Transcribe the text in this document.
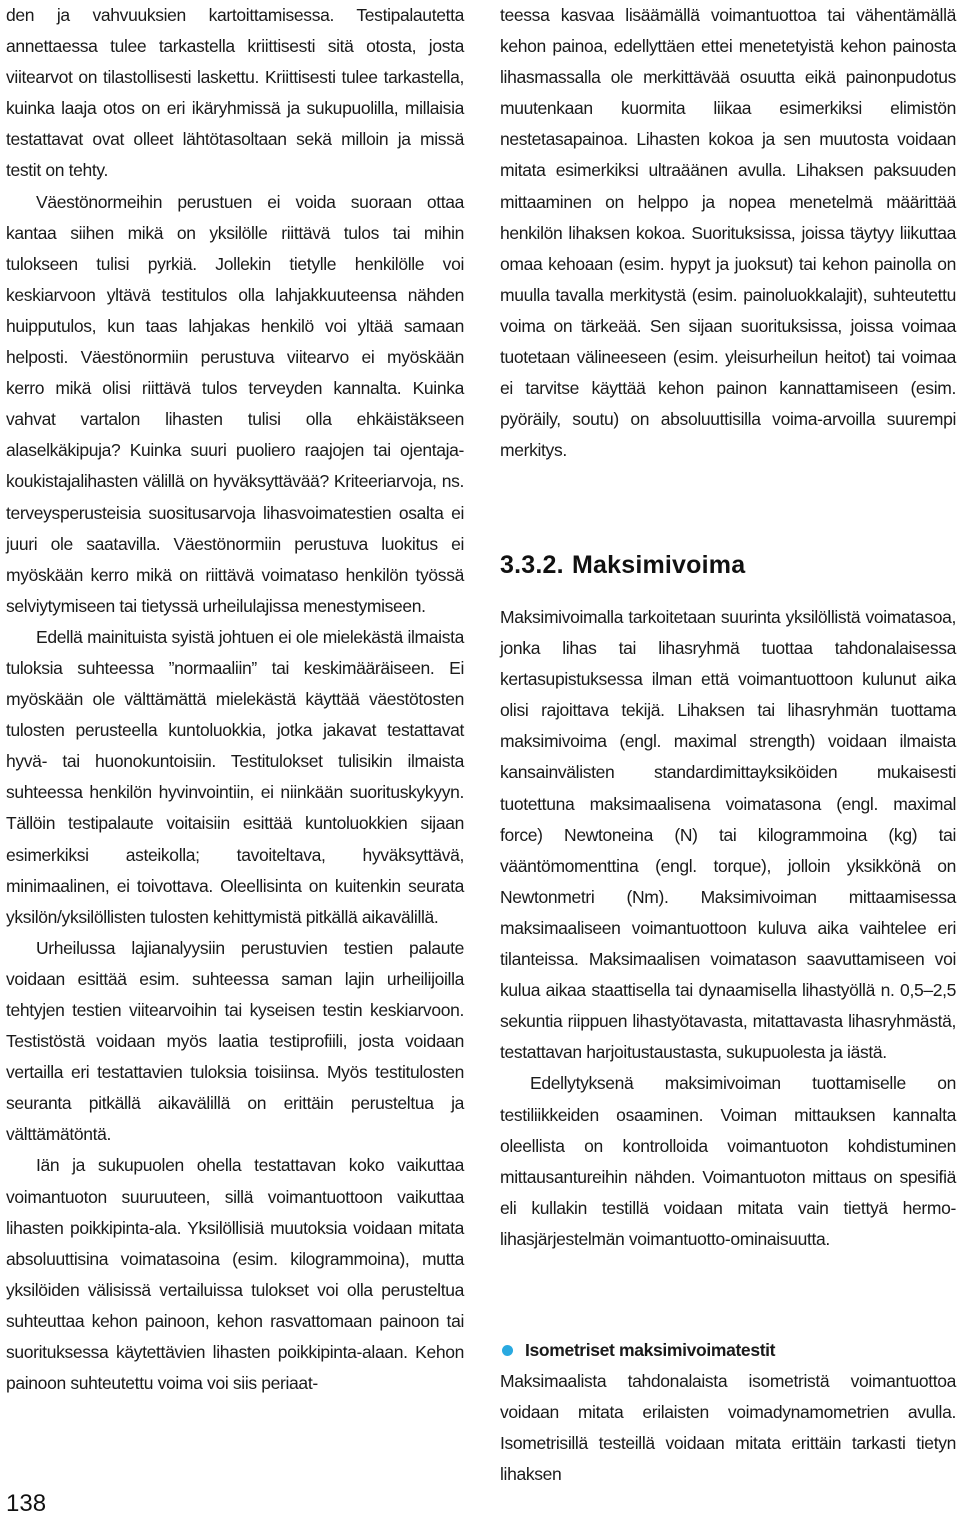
den ja vahvuuksien kartoittamisessa. Testipalautetta annettaessa tulee tarkastella kriittisesti sitä otosta, josta viitearvot on tilastollisesti laskettu. Kriittisesti tulee tarkastella, kuinka laaja otos on eri ikäryhmissä ja sukupuolilla, millaisia testattavat ovat olleet lähtötasoltaan sekä milloin ja missä testit on tehty.

Väestönormeihin perustuen ei voida suoraan ottaa kantaa siihen mikä on yksilölle riittävä tulos tai mihin tulokseen tulisi pyrkiä. Jollekin tietylle henkilölle voi keskiarvoon yltävä testitulos olla lahjakkuuteensa nähden huipputulos, kun taas lahjakas henkilö voi yltää samaan helposti. Väestönormiin perustuva viitearvo ei myöskään kerro mikä olisi riittävä tulos terveyden kannalta. Kuinka vahvat vartalon lihasten tulisi olla ehkäistäkseen alaselkäkipuja? Kuinka suuri puoliero raajojen tai ojentaja-koukistajalihasten välillä on hyväksyttävää? Kriteeriarvoja, ns. terveysperusteisia suositusarvoja lihasvoimatestien osalta ei juuri ole saatavilla. Väestönormiin perustuva luokitus ei myöskään kerro mikä on riittävä voimataso henkilön työssä selviytymiseen tai tietyssä urheilulajissa menestymiseen.

Edellä mainituista syistä johtuen ei ole mielekästä ilmaista tuloksia suhteessa ”normaaliin” tai keskimääräiseen. Ei myöskään ole välttämättä mielekästä käyttää väestötosten tulosten perusteella kuntoluokkia, jotka jakavat testattavat hyvä- tai huonokuntoisiin. Testitulokset tulisikin ilmaista suhteessa henkilön hyvinvointiin, ei niinkään suorituskykyyn. Tällöin testipalaute voitaisiin esittää kuntoluokkien sijaan esimerkiksi asteikolla; tavoiteltava, hyväksyttävä, minimaalinen, ei toivottava. Oleellisinta on kuitenkin seurata yksilön/yksilöllisten tulosten kehittymistä pitkällä aikavälillä.

Urheilussa lajianalyysiin perustuvien testien palaute voidaan esittää esim. suhteessa saman lajin urheilijoilla tehtyjen testien viitearvoihin tai kyseisen testin keskiarvoon. Testistöstä voidaan myös laatia testiprofiili, josta voidaan vertailla eri testattavien tuloksia toisiinsa. Myös testitulosten seuranta pitkällä aikavälillä on erittäin perusteltua ja välttämätöntä.

Iän ja sukupuolen ohella testattavan koko vaikuttaa voimantuoton suuruuteen, sillä voimantuottoon vaikuttaa lihasten poikkipinta-ala. Yksilöllisiä muutoksia voidaan mitata absoluuttisina voimatasoina (esim. kilogrammoina), mutta yksilöiden välisissä vertailuissa tulokset voi olla perusteltua suhteuttaa kehon painoon, kehon rasvattomaan painoon tai suorituksessa käytettävien lihasten poikkipinta-alaan. Kehon painoon suhteutettu voima voi siis periaat-

teessa kasvaa lisäämällä voimantuottoa tai vähentämällä kehon painoa, edellyttäen ettei menetetyistä kehon painosta lihasmassalla ole merkittävää osuutta eikä painonpudotus muutenkaan kuormita liikaa esimerkiksi elimistön nestetasapainoa. Lihasten kokoa ja sen muutosta voidaan mitata esimerkiksi ultraäänen avulla. Lihaksen paksuuden mittaaminen on helppo ja nopea menetelmä määrittää henkilön lihaksen kokoa. Suorituksissa, joissa täytyy liikuttaa omaa kehoaan (esim. hypyt ja juoksut) tai kehon painolla on muulla tavalla merkitystä (esim. painoluokkalajit), suhteutettu voima on tärkeää. Sen sijaan suorituksissa, joissa voimaa tuotetaan välineeseen (esim. yleisurheilun heitot) tai voimaa ei tarvitse käyttää kehon painon kannattamiseen (esim. pyöräily, soutu) on absoluuttisilla voima-arvoilla suurempi merkitys.

3.3.2. Maksimivoima

Maksimivoimalla tarkoitetaan suurinta yksilöllistä voimatasoa, jonka lihas tai lihasryhmä tuottaa tahdonalaisessa kertasupistuksessa ilman että voimantuottoon kulunut aika olisi rajoittava tekijä. Lihaksen tai lihasryhmän tuottama maksimivoima (engl. maximal strength) voidaan ilmaista kansainvälisten standardimittayksiköiden mukaisesti tuotettuna maksimaalisena voimatasona (engl. maximal force) Newtoneina (N) tai kilogrammoina (kg) tai vääntömomenttina (engl. torque), jolloin yksikkönä on Newtonmetri (Nm). Maksimivoiman mittaamisessa maksimaaliseen voimantuottoon kuluva aika vaihtelee eri tilanteissa. Maksimaalisen voimatason saavuttamiseen voi kulua aikaa staattisella tai dynaamisella lihastyöllä n. 0,5–2,5 sekuntia riippuen lihastyötavasta, mitattavasta lihasryhmästä, testattavan harjoitustaustasta, sukupuolesta ja iästä.

Edellytyksenä maksimivoiman tuottamiselle on testiliikkeiden osaaminen. Voiman mittauksen kannalta oleellista on kontrolloida voimantuoton kohdistuminen mittausantureihin nähden. Voimantuoton mittaus on spesifiä eli kullakin testillä voidaan mitata vain tiettyä hermo-lihasjärjestelmän voimantuotto-ominaisuutta.

Isometriset maksimivoimatestit
Maksimaalista tahdonalaista isometristä voimantuottoa voidaan mitata erilaisten voimadynamometrien avulla. Isometrisillä testeillä voidaan mitata erittäin tarkasti tietyn lihaksen
138
